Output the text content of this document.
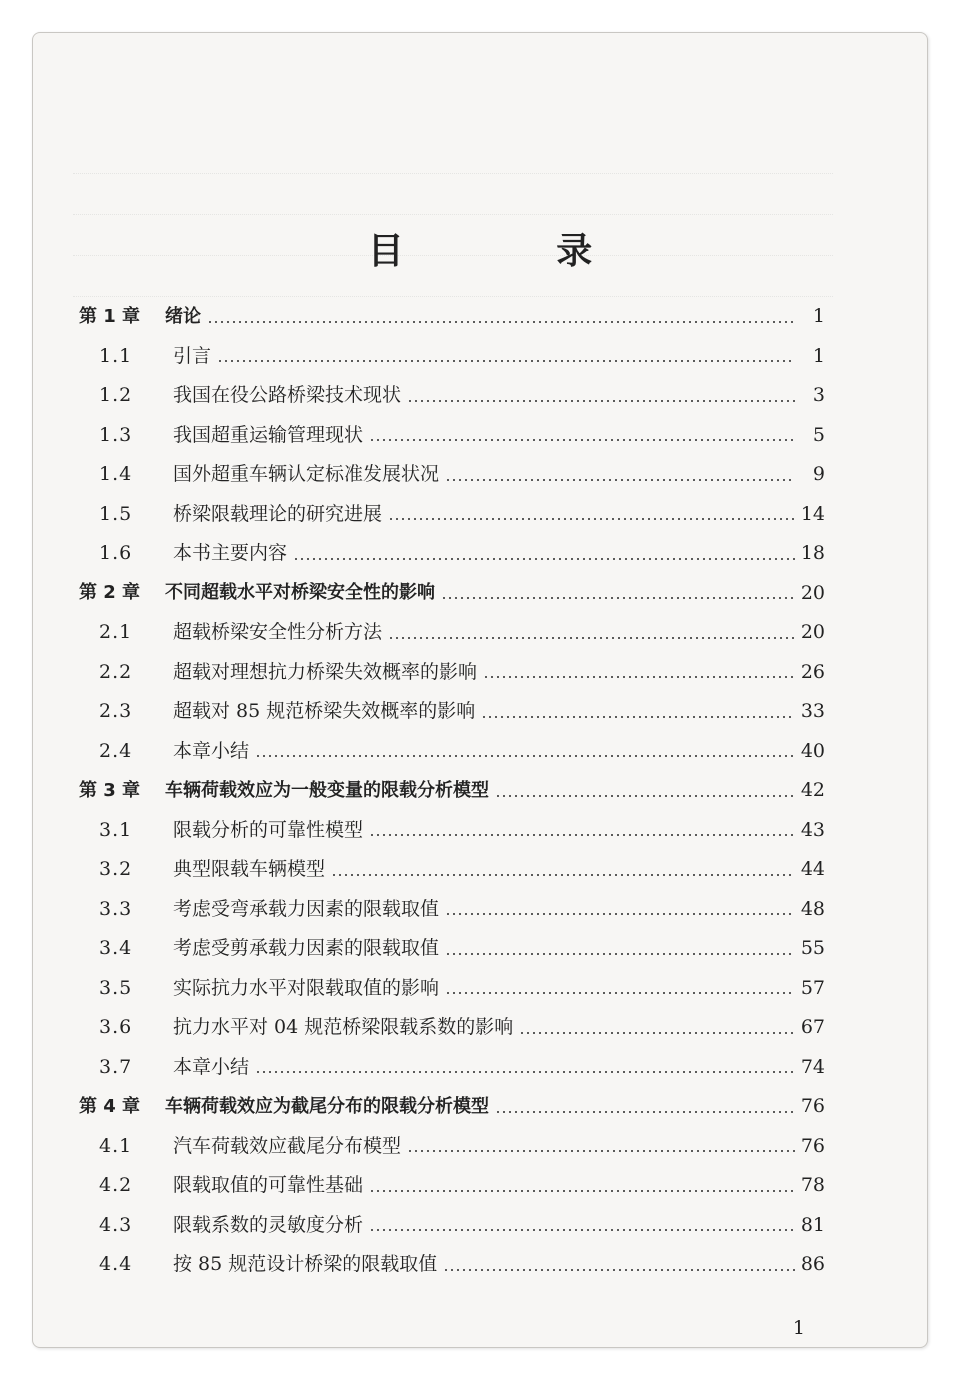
目 录
第 1 章	绪论	1
1.1	引言	1
1.2	我国在役公路桥梁技术现状	3
1.3	我国超重运输管理现状	5
1.4	国外超重车辆认定标准发展状况	9
1.5	桥梁限载理论的研究进展	14
1.6	本书主要内容	18
第 2 章	不同超载水平对桥梁安全性的影响	20
2.1	超载桥梁安全性分析方法	20
2.2	超载对理想抗力桥梁失效概率的影响	26
2.3	超载对 85 规范桥梁失效概率的影响	33
2.4	本章小结	40
第 3 章	车辆荷载效应为一般变量的限载分析模型	42
3.1	限载分析的可靠性模型	43
3.2	典型限载车辆模型	44
3.3	考虑受弯承载力因素的限载取值	48
3.4	考虑受剪承载力因素的限载取值	55
3.5	实际抗力水平对限载取值的影响	57
3.6	抗力水平对 04 规范桥梁限载系数的影响	67
3.7	本章小结	74
第 4 章	车辆荷载效应为截尾分布的限载分析模型	76
4.1	汽车荷载效应截尾分布模型	76
4.2	限载取值的可靠性基础	78
4.3	限载系数的灵敏度分析	81
4.4	按 85 规范设计桥梁的限载取值	86
1
